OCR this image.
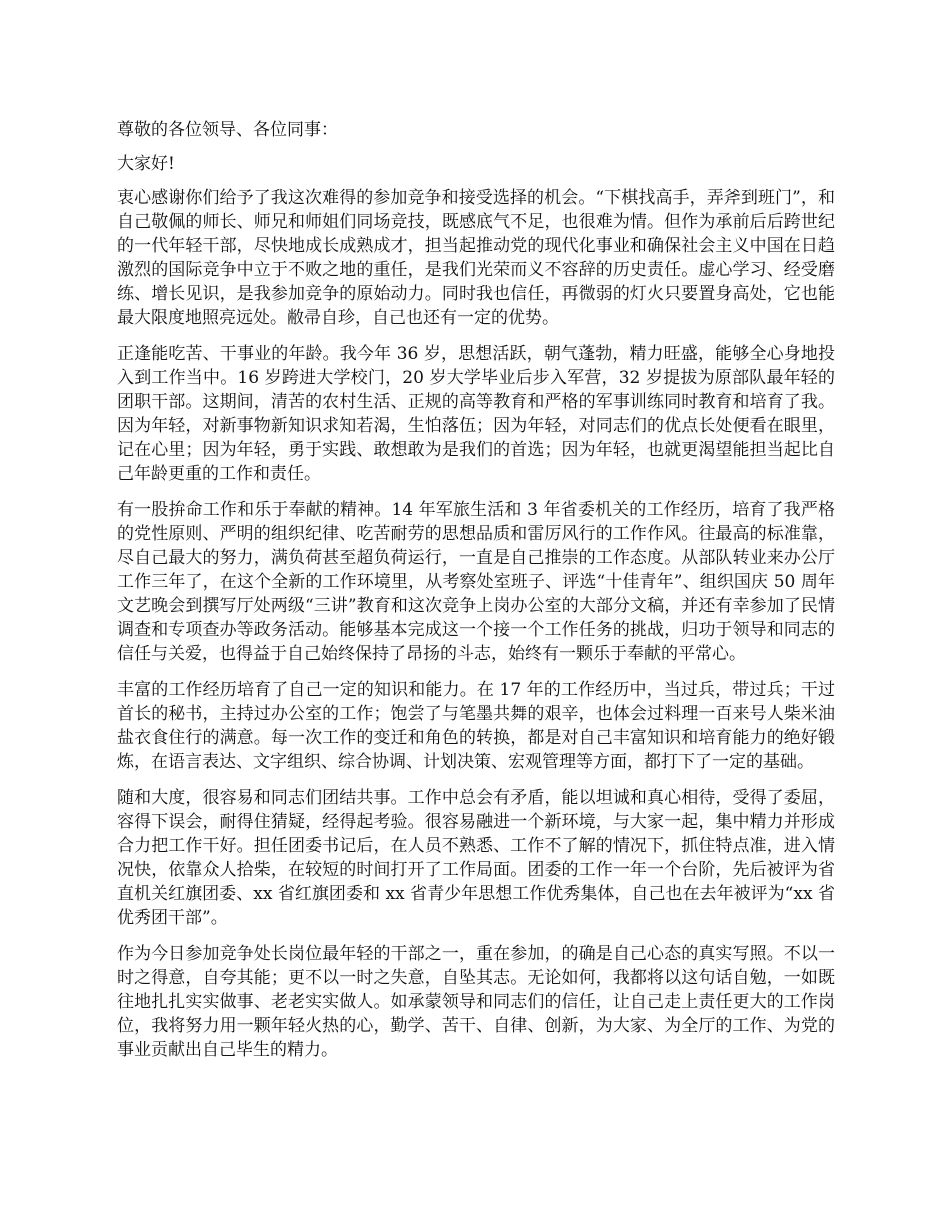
尊敬的各位领导、各位同事：

大家好!

衷心感谢你们给予了我这次难得的参加竞争和接受选择的机会。“下棋找高手，弄斧到班门”，和自己敬佩的师长、师兄和师姐们同场竞技，既感底气不足，也很难为情。但作为承前后后跨世纪的一代年轻干部，尽快地成长成熟成才，担当起推动党的现代化事业和确保社会主义中国在日趋激烈的国际竞争中立于不败之地的重任，是我们光荣而义不容辞的历史责任。虚心学习、经受磨练、增长见识，是我参加竞争的原始动力。同时我也信任，再微弱的灯火只要置身高处，它也能最大限度地照亮远处。敝帚自珍，自己也还有一定的优势。

正逢能吃苦、干事业的年龄。我今年 36 岁，思想活跃，朝气蓬勃，精力旺盛，能够全心身地投入到工作当中。16 岁跨进大学校门，20 岁大学毕业后步入军营，32 岁提拔为原部队最年轻的团职干部。这期间，清苦的农村生活、正规的高等教育和严格的军事训练同时教育和培育了我。因为年轻，对新事物新知识求知若渴，生怕落伍；因为年轻，对同志们的优点长处便看在眼里，记在心里；因为年轻，勇于实践、敢想敢为是我们的首选；因为年轻，也就更渴望能担当起比自己年龄更重的工作和责任。

有一股拚命工作和乐于奉献的精神。14 年军旅生活和 3 年省委机关的工作经历，培育了我严格的党性原则、严明的组织纪律、吃苦耐劳的思想品质和雷厉风行的工作作风。往最高的标准靠，尽自己最大的努力，满负荷甚至超负荷运行，一直是自己推崇的工作态度。从部队转业来办公厅工作三年了，在这个全新的工作环境里，从考察处室班子、评选“十佳青年”、组织国庆 50 周年文艺晚会到撰写厅处两级“三讲”教育和这次竞争上岗办公室的大部分文稿，并还有幸参加了民情调查和专项查办等政务活动。能够基本完成这一个接一个工作任务的挑战，归功于领导和同志的信任与关爱，也得益于自己始终保持了昂扬的斗志，始终有一颗乐于奉献的平常心。

丰富的工作经历培育了自己一定的知识和能力。在 17 年的工作经历中，当过兵，带过兵；干过首长的秘书，主持过办公室的工作；饱尝了与笔墨共舞的艰辛，也体会过料理一百来号人柴米油盐衣食住行的满意。每一次工作的变迁和角色的转换，都是对自己丰富知识和培育能力的绝好锻炼，在语言表达、文字组织、综合协调、计划决策、宏观管理等方面，都打下了一定的基础。

随和大度，很容易和同志们团结共事。工作中总会有矛盾，能以坦诚和真心相待，受得了委屈，容得下误会，耐得住猜疑，经得起考验。很容易融进一个新环境，与大家一起，集中精力并形成合力把工作干好。担任团委书记后，在人员不熟悉、工作不了解的情况下，抓住特点准，进入情况快，依靠众人拾柴，在较短的时间打开了工作局面。团委的工作一年一个台阶，先后被评为省直机关红旗团委、xx 省红旗团委和 xx 省青少年思想工作优秀集体，自己也在去年被评为“xx 省优秀团干部”。

作为今日参加竞争处长岗位最年轻的干部之一，重在参加，的确是自己心态的真实写照。不以一时之得意，自夸其能；更不以一时之失意，自坠其志。无论如何，我都将以这句话自勉，一如既往地扎扎实实做事、老老实实做人。如承蒙领导和同志们的信任，让自己走上责任更大的工作岗位，我将努力用一颗年轻火热的心，勤学、苦干、自律、创新，为大家、为全厅的工作、为党的事业贡献出自己毕生的精力。
